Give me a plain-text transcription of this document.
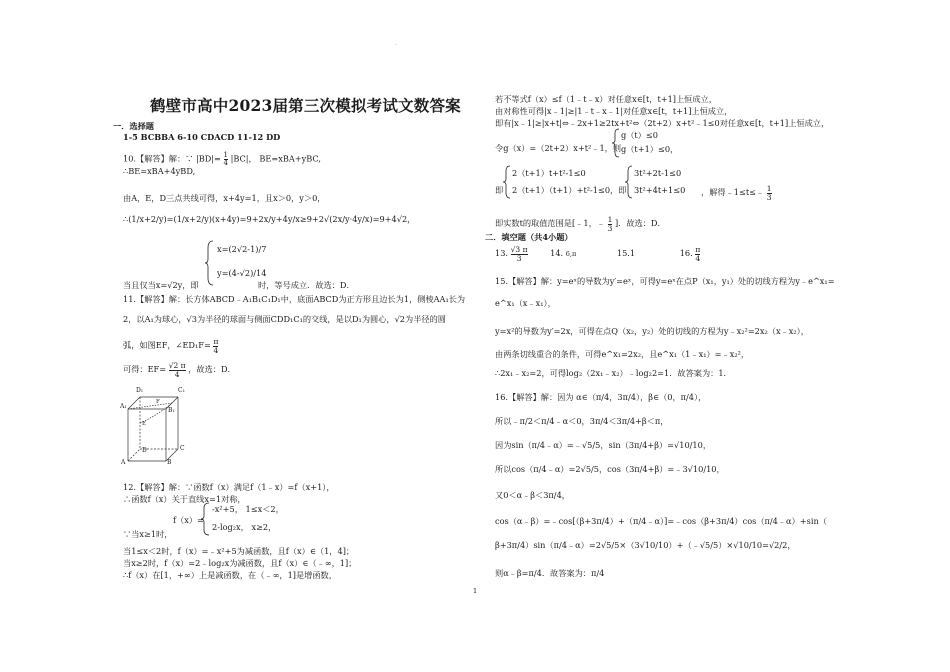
.
鹤壁市高中2023届第三次模拟考试文数答案
一．选择题
1-5 BCBBA 6-10 CDACD 11-12 DD
10.【解答】解：∵ $|BD|= \frac{1}{4} |BC|$， BE=xBA+yBC,
∴BE=xBA+4yBD,
由A，E，D三点共线可得，x+4y=1，且x＞0，y＞0，
∴(1/x+2/y)=(1/x+2/y)(x+4y)=9+2x/y+4y/x≥9+2√(2x/y·4y/x)=9+4√2，
x=(2√2-1)/7
y=(4-√2)/14
当且仅当x=√2y，即	时，等号成立．故选：D．
11.【解答】解：长方体ABCD﹣A₁B₁C₁D₁中，底面ABCD为正方形且边长为1，侧棱AA₁长为
2，以A₁为球心，√3为半径的球面与侧面CDD₁C₁的交线，是以D₁为圆心，√2为半径的圆
弧，如图EF，∠ED₁F= $\frac{\pi}{4}$
可得：$EF= \frac{√2 \pi}{4}$ ，故选：D．
D₁	C₁
A₁
B₁
D	C
A	B
E
F
12.【解答】解：∵函数f（x）满足f（1﹣x）=f（x+1），
∴函数f（x）关于直线x=1对称，
f（x）=
-x²+5， 1≤x＜2，
2-log₂x， x≥2，
∵当x≥1时，
当1≤x＜2时，f（x）=﹣x²+5为减函数，且f（x）∈（1，4]；
当x≥2时，f（x）=2﹣log₂x为减函数，且f（x）∈（﹣∞，1]；
∴f（x）在[1，+∞）上是减函数，在（﹣∞，1]是增函数，
若不等式f（x）≤f（1﹣t﹣x）对任意x∈[t，t+1]上恒成立，
由对称性可得|x﹣1|≥|1﹣t﹣x﹣1|对任意x∈[t，t+1]上恒成立，
即有|x﹣1|≥|x+t|⇔﹣2x+1≥2tx+t²⇔（2t+2）x+t²﹣1≤0对任意x∈[t，t+1]上恒成立，
令g（x）=（2t+2）x+t²﹣1，则
g（t）≤0
g（t+1）≤0，
即
2（t+1）t+t²-1≤0
2（t+1）（t+1）+t²-1≤0 ，即
3t²+2t-1≤0
3t²+4t+1≤0 ，解得﹣1≤t≤﹣ $\frac{1}{3}$
即实数t的取值范围是[﹣1，﹣ $\frac{1}{3}$ ]．故选：D．
二．填空题（共4小题）
13. $\frac{√3 \pi}{3}$	14. 6,π	15.1	16. $\frac{\pi}{4}$
15.【解答】解：y=eˣ的导数为y′=eˣ，可得y=eˣ在点P（x₁，y₁）处的切线方程为y﹣e^x₁=
e^x₁（x﹣x₁），
y=x²的导数为y′=2x，可得在点Q（x₂，y₂）处的切线的方程为y﹣x₂²=2x₂（x﹣x₂），
由两条切线重合的条件，可得e^x₁=2x₂，且e^x₁（1﹣x₁）=﹣x₂²，
∴2x₁﹣x₂=2，可得log₂（2x₁﹣x₂）﹣log₂2=1．故答案为：1．
16.【解答】解：因为 α∈（π/4，3π/4），β∈（0，π/4），
所以﹣π/2＜π/4﹣α＜0，3π/4＜3π/4+β＜π，
因为sin（π/4﹣α）=﹣√5/5，sin（3π/4+β）=√10/10，
所以cos（π/4﹣α）=2√5/5，cos（3π/4+β）=﹣3√10/10，
又0＜α﹣β＜3π/4，
cos（α﹣β）=﹣cos[（β+3π/4）+（π/4﹣α）]=﹣cos（β+3π/4）cos（π/4﹣α）+sin（
β+3π/4）sin（π/4﹣α）=2√5/5×（3√10/10）+（﹣√5/5）×√10/10=√2/2，
则α﹣β=π/4．故答案为：π/4
1
